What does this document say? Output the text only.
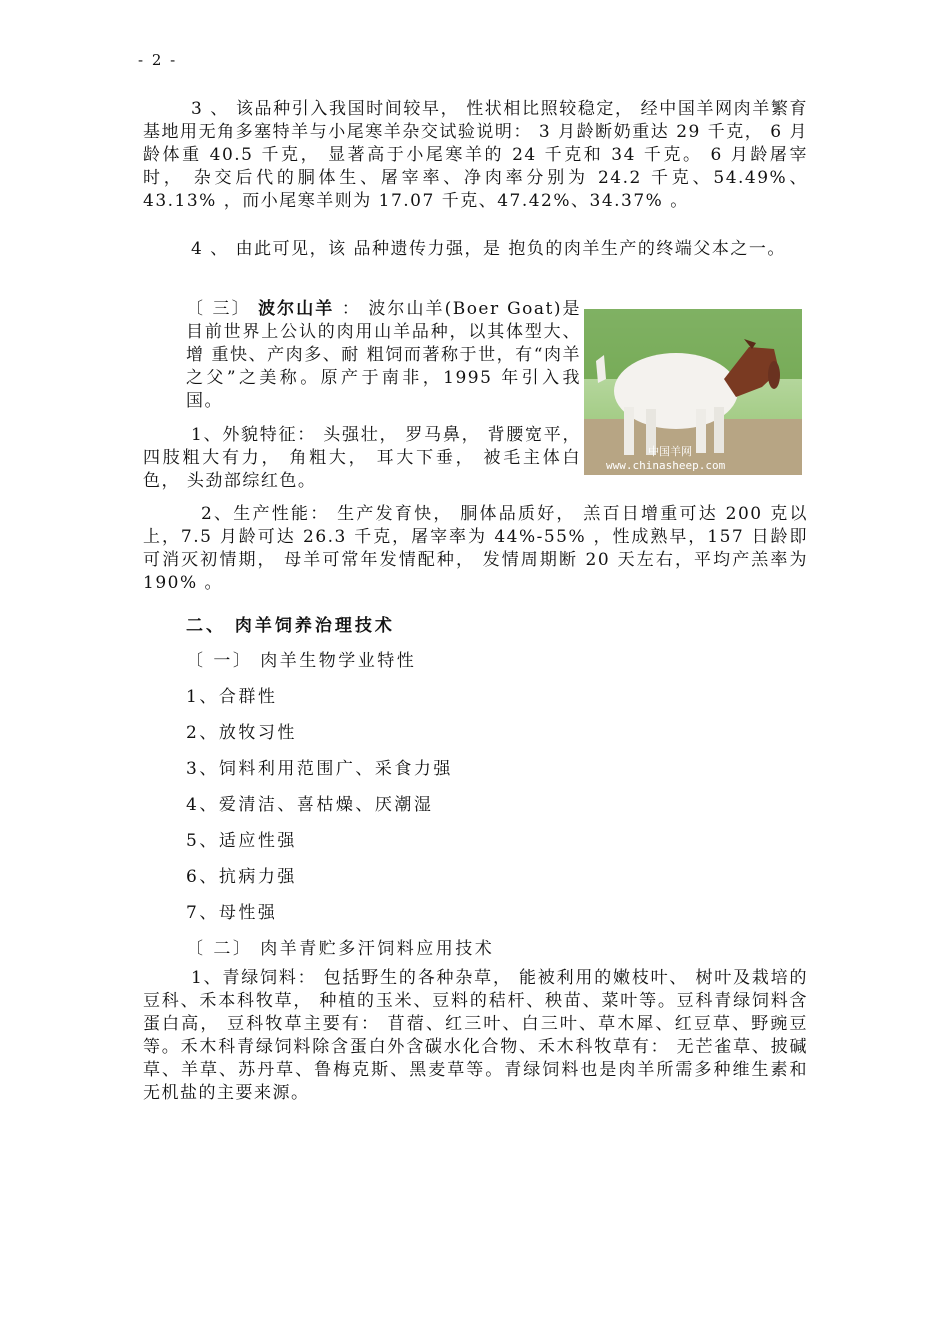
- 2 -

3 、 该品种引入我国时间较早， 性状相比照较稳定， 经中国羊网肉羊繁育基地用无角多塞特羊与小尾寒羊杂交试验说明： 3 月龄断奶重达 29 千克， 6 月龄体重 40.5 千克， 显著高于小尾寒羊的 24 千克和 34 千克。 6 月龄屠宰时， 杂交后代的胴体生、屠宰率、净肉率分别为 24.2 千克、54.49%、43.13% ，而小尾寒羊则为 17.07 千克、47.42%、34.37% 。

4 、 由此可见，该 品种遗传力强，是 抱负的肉羊生产的终端父本之一。

〔 三〕 波尔山羊 ： 波尔山羊(Boer Goat)是目前世界上公认的肉用山羊品种，以其体型大、增 重快、产肉多、耐 粗饲而著称于世，有“肉羊之父”之美称。原产于南非，1995 年引入我国。
中国羊网
www.chinasheep.com

1、外貌特征： 头强壮， 罗马鼻， 背腰宽平， 四肢粗大有力， 角粗大， 耳大下垂， 被毛主体白色， 头劲部综红色。

2、生产性能： 生产发育快， 胴体品质好， 羔百日增重可达 200 克以上，7.5 月龄可达 26.3 千克，屠宰率为 44%-55% ，性成熟早，157 日龄即可消灭初情期， 母羊可常年发情配种， 发情周期断 20 天左右，平均产羔率为 190% 。

二、 肉羊饲养治理技术

〔 一〕 肉羊生物学业特性

1、合群性

2、放牧习性

3、饲料利用范围广、采食力强

4、爱清洁、喜枯燥、厌潮湿

5、适应性强

6、抗病力强

7、母性强

〔 二〕 肉羊青贮多汗饲料应用技术

1、青绿饲料： 包括野生的各种杂草， 能被利用的嫩枝叶、 树叶及栽培的豆科、禾本科牧草， 种植的玉米、豆料的秸杆、秧苗、菜叶等。豆科青绿饲料含蛋白高， 豆科牧草主要有： 苜蓿、红三叶、白三叶、草木犀、红豆草、野豌豆等。禾木科青绿饲料除含蛋白外含碳水化合物、禾木科牧草有： 无芒雀草、披碱草、羊草、苏丹草、鲁梅克斯、黑麦草等。青绿饲料也是肉羊所需多种维生素和无机盐的主要来源。
